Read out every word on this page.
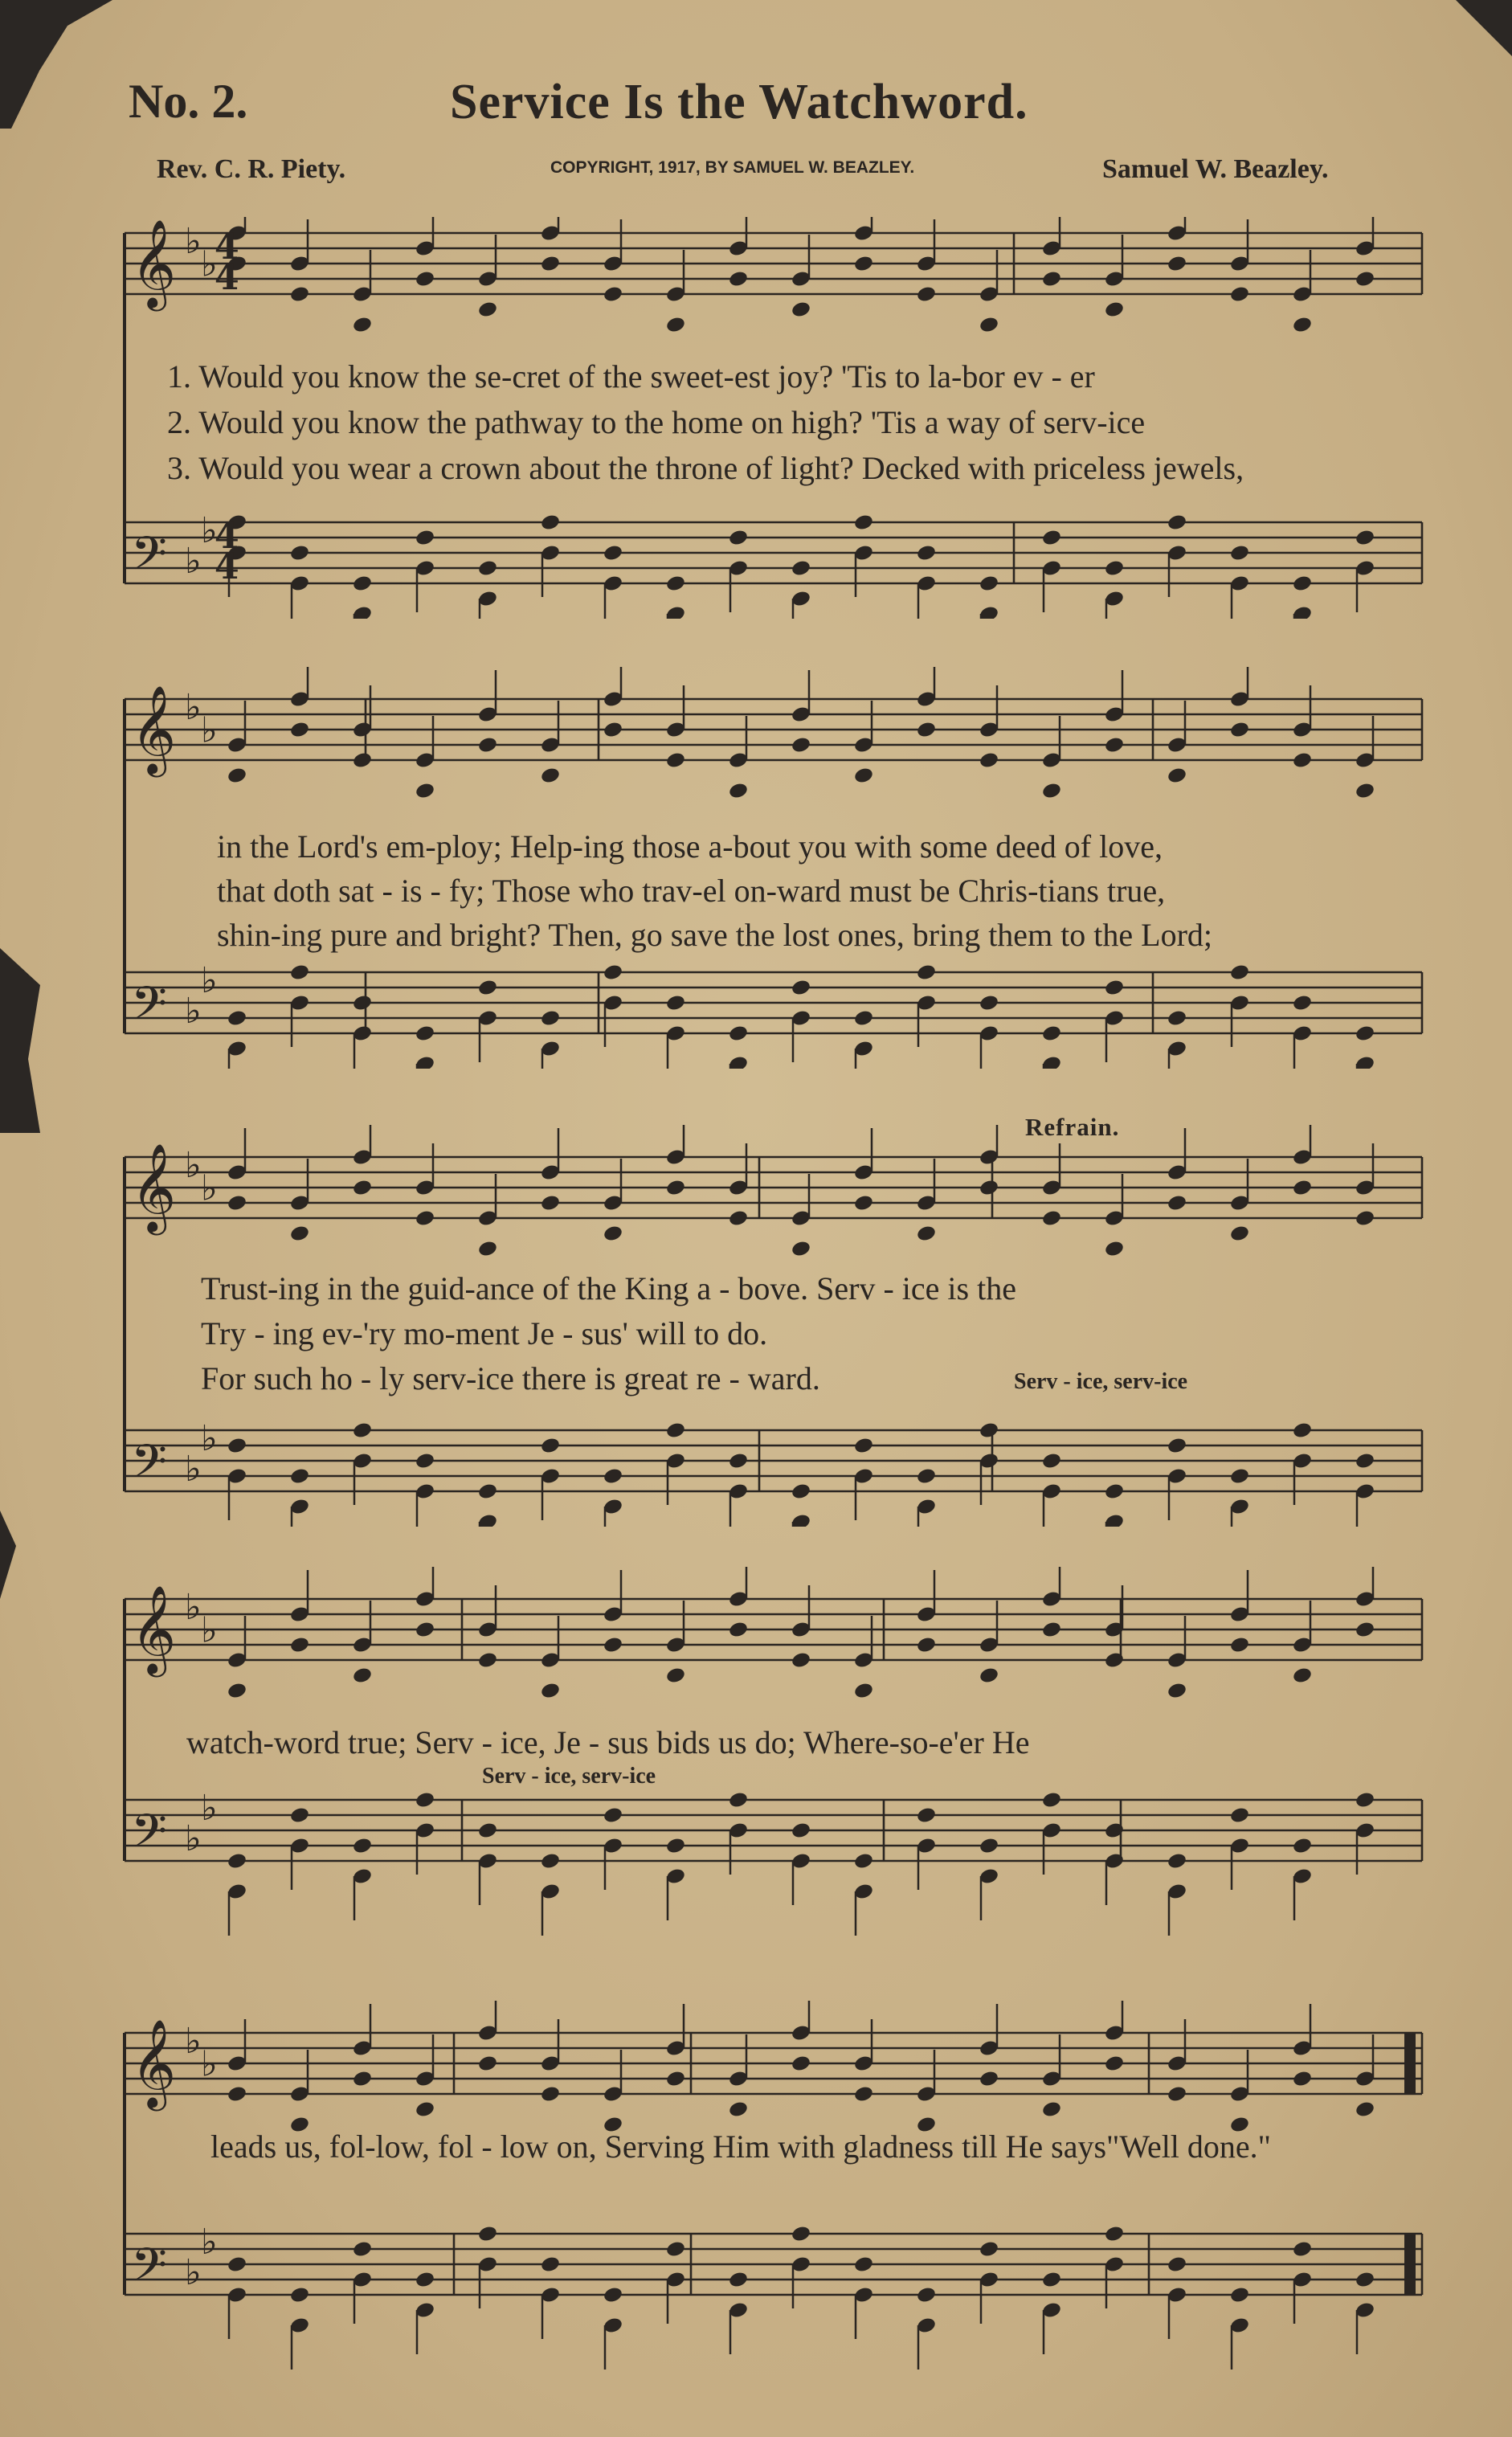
No. 2.	Service Is the Watchword.
Rev. C. R. Piety.	COPYRIGHT, 1917, BY SAMUEL W. BEAZLEY.	Samuel W. Beazley.
𝄞 ♭
♭
𝄢 ♭
♭
4
4
4
4
1. Would you know the se-cret of the sweet-est joy? 'Tis to la-bor ev - er
2. Would you know the pathway to the home on high? 'Tis a way of serv-ice
3. Would you wear a crown about the throne of light? Decked with priceless jewels,
𝄞 ♭
♭
𝄢 ♭
♭
in the Lord's em-ploy; Help-ing those a-bout you with some deed of love,
that doth sat - is - fy; Those who trav-el on-ward must be Chris-tians true,
shin-ing pure and bright? Then, go save the lost ones, bring them to the Lord;
𝄞 ♭
♭
𝄢 ♭
♭
Refrain.
Trust-ing in the guid-ance of the King a - bove. Serv - ice is the
Try - ing ev-'ry mo-ment Je - sus' will to do.
For such ho - ly serv-ice there is great re - ward.	Serv - ice, serv-ice
𝄞 ♭
♭
𝄢 ♭
♭
watch-word true; Serv - ice, Je - sus bids us do; Where-so-e'er He
Serv - ice, serv-ice
𝄞 ♭
♭
𝄢 ♭
♭
leads us, fol-low, fol - low on, Serving Him with gladness till He says"Well done."
